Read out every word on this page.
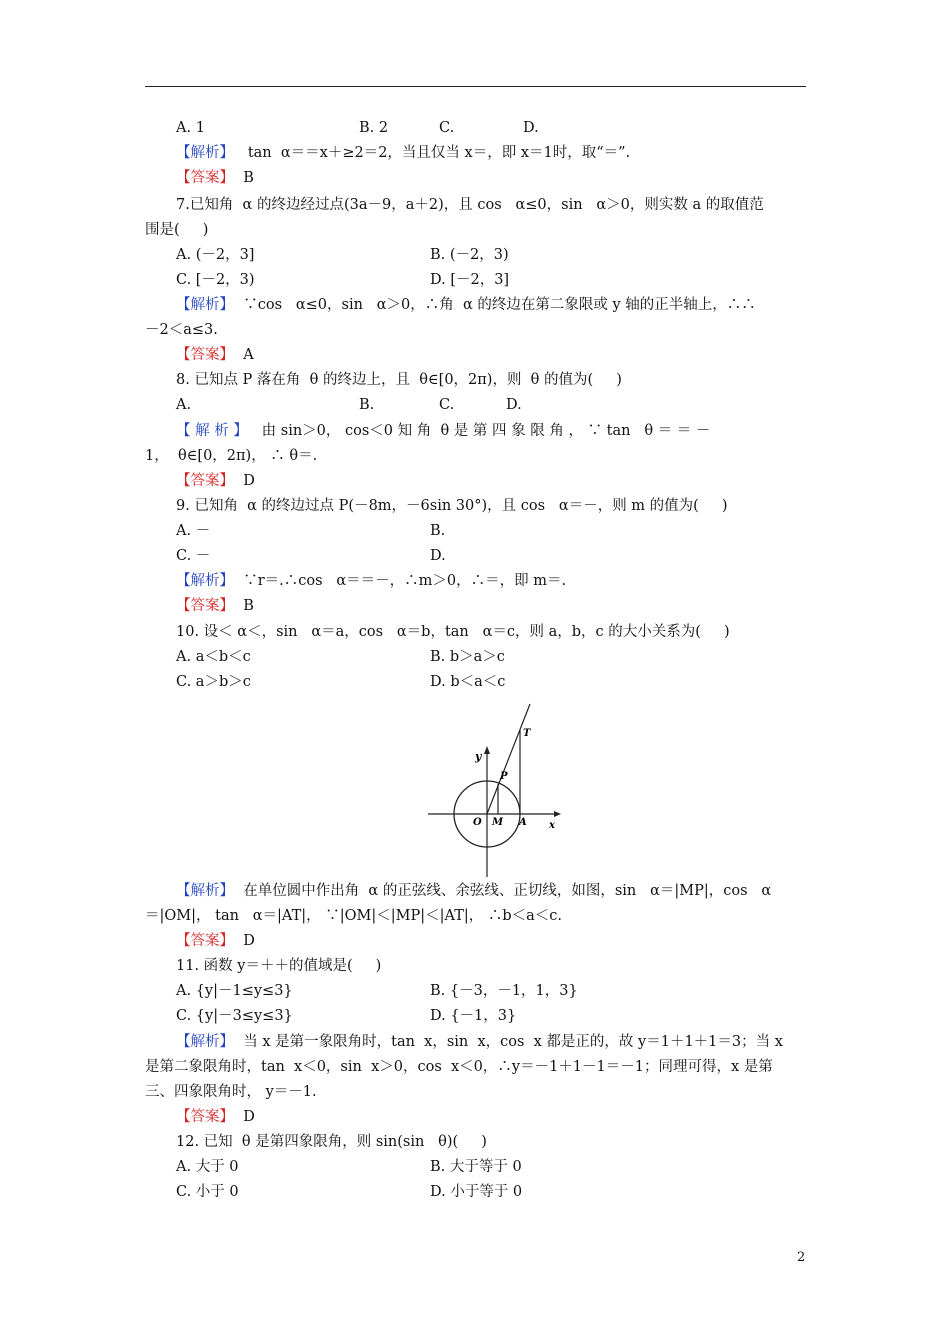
A. 1	B. 2	C.	D.
【解析】   tan  α＝＝x＋≥2＝2，当且仅当 x＝，即 x＝1时，取“＝”.
【答案】  B
7.已知角  α 的终边经过点(3a－9，a＋2)，且 cos   α≤0，sin   α＞0，则实数 a 的取值范
围是(     )
A. (－2，3]	B. (－2，3)
C. [－2，3)	D. [－2，3]
【解析】  ∵cos   α≤0，sin   α＞0，∴角  α 的终边在第二象限或 y 轴的正半轴上，∴∴
－2＜a≤3.
【答案】  A
8. 已知点 P 落在角  θ 的终边上，且  θ∈[0，2π)，则  θ 的值为(     )
A.	B.	C.	D.
【 解 析 】   由 sin＞0， cos＜0 知 角  θ 是 第 四 象 限 角 ， ∵ tan   θ ＝ ＝ －
1，  θ∈[0，2π)， ∴ θ＝.
【答案】  D
9. 已知角  α 的终边过点 P(－8m，－6sin 30°)，且 cos   α＝－，则 m 的值为(     )
A. －	B.
C. －	D.
【解析】  ∵r＝.∴cos   α＝＝－，∴m＞0，∴＝，即 m＝.
【答案】  B
10. 设＜ α＜，sin   α＝a，cos   α＝b，tan   α＝c，则 a，b，c 的大小关系为(     )
A. a＜b＜c	B. b＞a＞c
C. a＞b＞c	D. b＜a＜c
【解析】  在单位圆中作出角  α 的正弦线、余弦线、正切线，如图，sin   α＝|MP|，cos   α
＝|OM|， tan   α＝|AT|， ∵|OM|＜|MP|＜|AT|， ∴b＜a＜c.
【答案】  D
11. 函数 y＝＋＋的值域是(     )
A. {y|－1≤y≤3}	B. {－3，－1，1，3}
C. {y|－3≤y≤3}	D. {－1，3}
【解析】  当 x 是第一象限角时，tan  x，sin  x，cos  x 都是正的，故 y＝1＋1＋1＝3；当 x
是第二象限角时，tan  x＜0，sin  x＞0，cos  x＜0，∴y＝－1＋1－1＝－1；同理可得，x 是第
三、四象限角时， y＝－1.
【答案】  D
12. 已知  θ 是第四象限角，则 sin(sin   θ)(     )
A. 大于 0	B. 大于等于 0
C. 小于 0	D. 小于等于 0
y
O M A x
P
T
2
